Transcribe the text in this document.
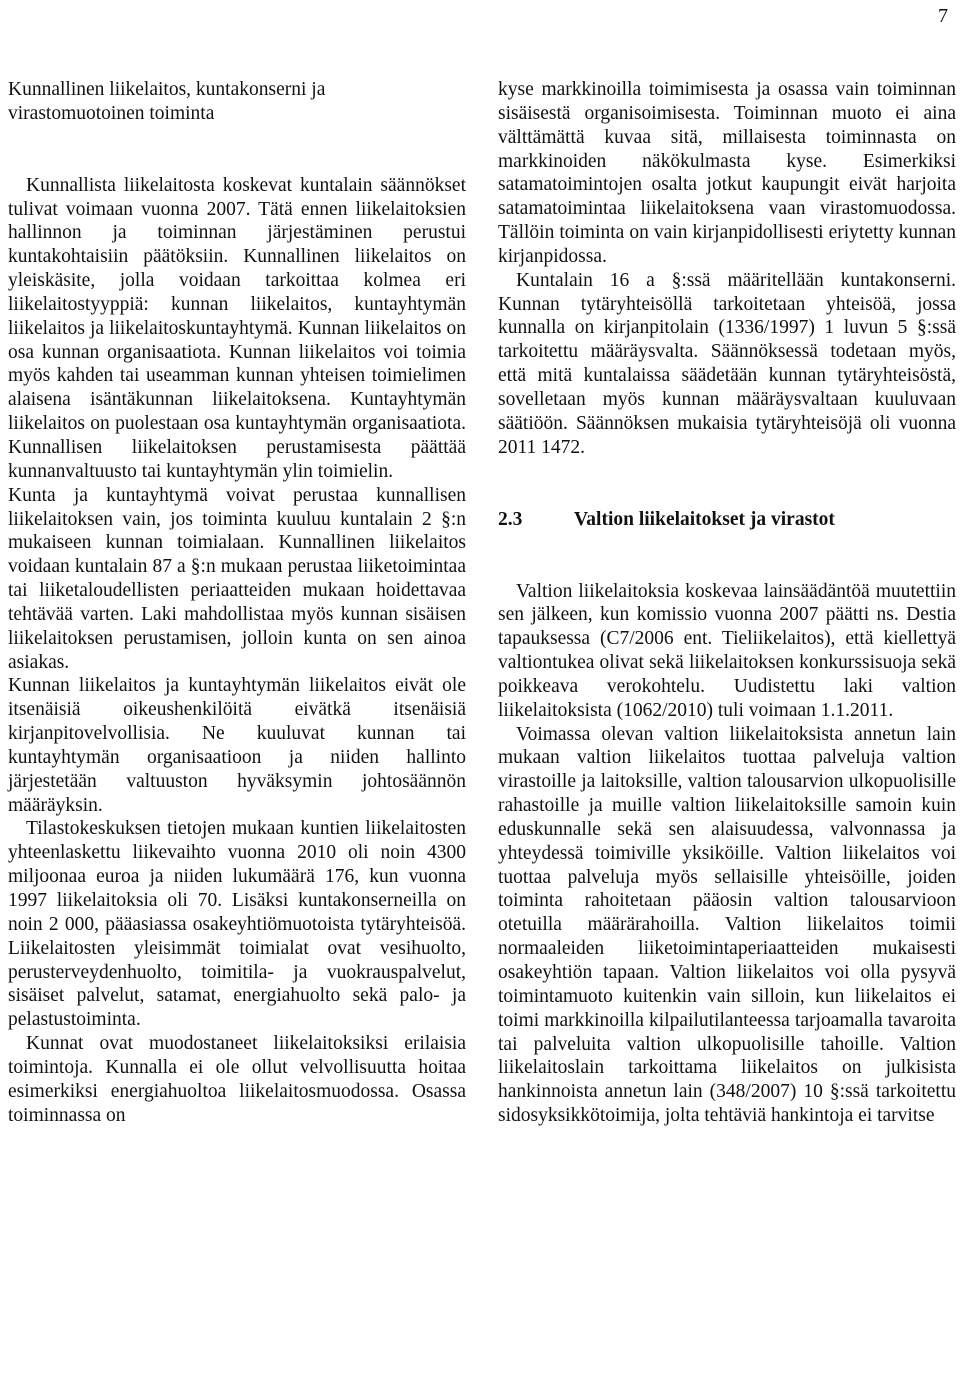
7
Kunnallinen liikelaitos, kuntakonserni ja virastomuotoinen toiminta

Kunnallista liikelaitosta koskevat kuntalain säännökset tulivat voimaan vuonna 2007. Tätä ennen liikelaitoksien hallinnon ja toiminnan järjestäminen perustui kuntakohtaisiin päätöksiin. Kunnallinen liikelaitos on yleiskäsite, jolla voidaan tarkoittaa kolmea eri liikelaitostyyppiä: kunnan liikelaitos, kuntayhtymän liikelaitos ja liikelaitoskuntayhtymä. Kunnan liikelaitos on osa kunnan organisaatiota. Kunnan liikelaitos voi toimia myös kahden tai useamman kunnan yhteisen toimielimen alaisena isäntäkunnan liikelaitoksena. Kuntayhtymän liikelaitos on puolestaan osa kuntayhtymän organisaatiota. Kunnallisen liikelaitoksen perustamisesta päättää kunnanvaltuusto tai kuntayhtymän ylin toimielin.

Kunta ja kuntayhtymä voivat perustaa kunnallisen liikelaitoksen vain, jos toiminta kuuluu kuntalain 2 §:n mukaiseen kunnan toimialaan. Kunnallinen liikelaitos voidaan kuntalain 87 a §:n mukaan perustaa liiketoimintaa tai liiketaloudellisten periaatteiden mukaan hoidettavaa tehtävää varten. Laki mahdollistaa myös kunnan sisäisen liikelaitoksen perustamisen, jolloin kunta on sen ainoa asiakas.

Kunnan liikelaitos ja kuntayhtymän liikelaitos eivät ole itsenäisiä oikeushenkilöitä eivätkä itsenäisiä kirjanpitovelvollisia. Ne kuuluvat kunnan tai kuntayhtymän organisaatioon ja niiden hallinto järjestetään valtuuston hyväksymin johtosäännön määräyksin.

Tilastokeskuksen tietojen mukaan kuntien liikelaitosten yhteenlaskettu liikevaihto vuonna 2010 oli noin 4300 miljoonaa euroa ja niiden lukumäärä 176, kun vuonna 1997 liikelaitoksia oli 70. Lisäksi kuntakonserneilla on noin 2 000, pääasiassa osakeyhtiömuotoista tytäryhteisöä. Liikelaitosten yleisimmät toimialat ovat vesihuolto, perusterveydenhuolto, toimitila- ja vuokrauspalvelut, sisäiset palvelut, satamat, energiahuolto sekä palo- ja pelastustoiminta.

Kunnat ovat muodostaneet liikelaitoksiksi erilaisia toimintoja. Kunnalla ei ole ollut velvollisuutta hoitaa esimerkiksi energiahuoltoa liikelaitosmuodossa. Osassa toiminnassa on

kyse markkinoilla toimimisesta ja osassa vain toiminnan sisäisestä organisoimisesta. Toiminnan muoto ei aina välttämättä kuvaa sitä, millaisesta toiminnasta on markkinoiden näkökulmasta kyse. Esimerkiksi satamatoimintojen osalta jotkut kaupungit eivät harjoita satamatoimintaa liikelaitoksena vaan virastomuodossa. Tällöin toiminta on vain kirjanpidollisesti eriytetty kunnan kirjanpidossa.

Kuntalain 16 a §:ssä määritellään kuntakonserni. Kunnan tytäryhteisöllä tarkoitetaan yhteisöä, jossa kunnalla on kirjanpitolain (1336/1997) 1 luvun 5 §:ssä tarkoitettu määräysvalta. Säännöksessä todetaan myös, että mitä kuntalaissa säädetään kunnan tytäryhteisöstä, sovelletaan myös kunnan määräysvaltaan kuuluvaan säätiöön. Säännöksen mukaisia tytäryhteisöjä oli vuonna 2011 1472.

2.3	Valtion liikelaitokset ja virastot

Valtion liikelaitoksia koskevaa lainsäädäntöä muutettiin sen jälkeen, kun komissio vuonna 2007 päätti ns. Destia tapauksessa (C7/2006 ent. Tieliikelaitos), että kiellettyä valtiontukea olivat sekä liikelaitoksen konkurssisuoja sekä poikkeava verokohtelu. Uudistettu laki valtion liikelaitoksista (1062/2010) tuli voimaan 1.1.2011.

Voimassa olevan valtion liikelaitoksista annetun lain mukaan valtion liikelaitos tuottaa palveluja valtion virastoille ja laitoksille, valtion talousarvion ulkopuolisille rahastoille ja muille valtion liikelaitoksille samoin kuin eduskunnalle sekä sen alaisuudessa, valvonnassa ja yhteydessä toimiville yksiköille. Valtion liikelaitos voi tuottaa palveluja myös sellaisille yhteisöille, joiden toiminta rahoitetaan pääosin valtion talousarvioon otetuilla määrärahoilla. Valtion liikelaitos toimii normaaleiden liiketoimintaperiaatteiden mukaisesti osakeyhtiön tapaan. Valtion liikelaitos voi olla pysyvä toimintamuoto kuitenkin vain silloin, kun liikelaitos ei toimi markkinoilla kilpailutilanteessa tarjoamalla tavaroita tai palveluita valtion ulkopuolisille tahoille. Valtion liikelaitoslain tarkoittama liikelaitos on julkisista hankinnoista annetun lain (348/2007) 10 §:ssä tarkoitettu sidosyksikkötoimija, jolta tehtäviä hankintoja ei tarvitse
